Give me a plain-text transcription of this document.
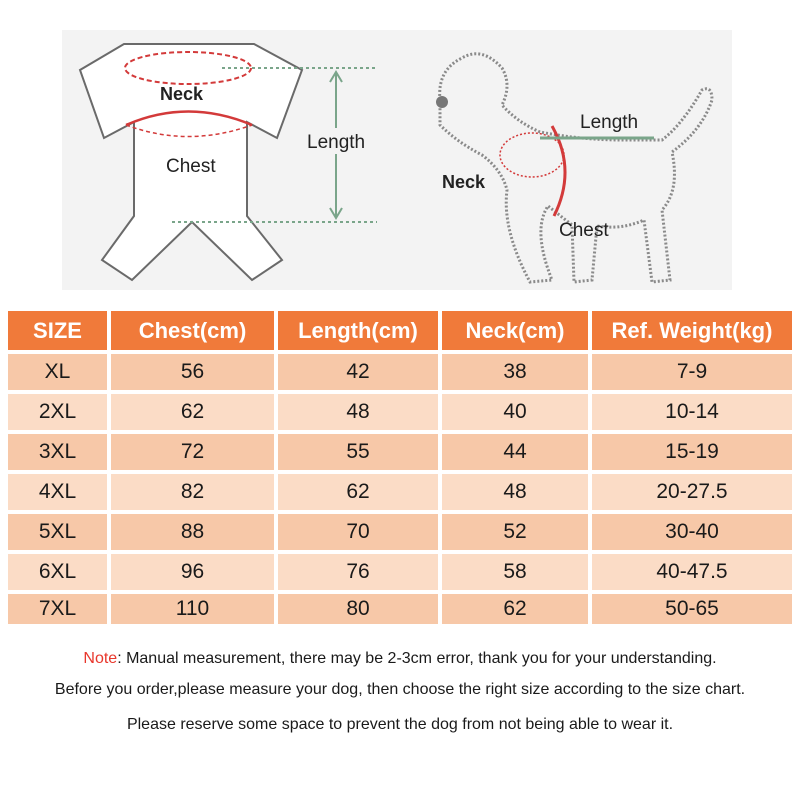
Neck
Chest
Length
Length
Neck
Chest
SIZE	Chest(cm)	Length(cm)	Neck(cm)	Ref. Weight(kg)
XL	56	42	38	7-9
2XL	62	48	40	10-14
3XL	72	55	44	15-19
4XL	82	62	48	20-27.5
5XL	88	70	52	30-40
6XL	96	76	58	40-47.5
7XL	110	80	62	50-65
Note: Manual measurement, there may be 2-3cm error, thank you for your understanding.
Before you order,please measure your dog, then choose the right size according to the size chart.
Please reserve some space to prevent the dog from not being able to wear it.
